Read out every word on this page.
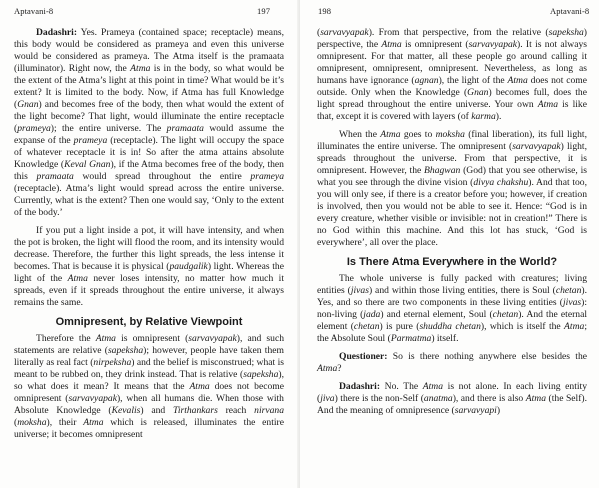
Aptavani-8	197

Dadashri: Yes. Prameya (contained space; receptacle) means, this body would be considered as prameya and even this universe would be considered as prameya. The Atma itself is the pramaata (illuminator). Right now, the Atma is in the body, so what would be the extent of the Atma’s light at this point in time? What would be it’s extent? It is limited to the body. Now, if Atma has full Knowledge (Gnan) and becomes free of the body, then what would the extent of the light become? That light, would illuminate the entire receptacle (prameya); the entire universe. The pramaata would assume the expanse of the prameya (receptacle). The light will occupy the space of whatever receptacle it is in! So after the atma attains absolute Knowledge (Keval Gnan), if the Atma becomes free of the body, then this pramaata would spread throughout the entire prameya (receptacle). Atma’s light would spread across the entire universe. Currently, what is the extent? Then one would say, ‘Only to the extent of the body.’

If you put a light inside a pot, it will have intensity, and when the pot is broken, the light will flood the room, and its intensity would decrease. Therefore, the further this light spreads, the less intense it becomes. That is because it is physical (paudgalik) light. Whereas the light of the Atma never loses intensity, no matter how much it spreads, even if it spreads throughout the entire universe, it always remains the same.

Omnipresent, by Relative Viewpoint

Therefore the Atma is omnipresent (sarvavyapak), and such statements are relative (sapeksha); however, people have taken them literally as real fact (nirpeksha) and the belief is misconstrued; what is meant to be rubbed on, they drink instead. That is relative (sapeksha), so what does it mean? It means that the Atma does not become omnipresent (sarvavyapak), when all humans die. When those with Absolute Knowledge (Kevalis) and Tirthankars reach nirvana (moksha), their Atma which is released, illuminates the entire universe; it becomes omnipresent

198	Aptavani-8

(sarvavyapak). From that perspective, from the relative (sapeksha) perspective, the Atma is omnipresent (sarvavyapak). It is not always omnipresent. For that matter, all these people go around calling it omnipresent, omnipresent, omnipresent. Nevertheless, as long as humans have ignorance (agnan), the light of the Atma does not come outside. Only when the Knowledge (Gnan) becomes full, does the light spread throughout the entire universe. Your own Atma is like that, except it is covered with layers (of karma).

When the Atma goes to moksha (final liberation), its full light, illuminates the entire universe. The omnipresent (sarvavyapak) light, spreads throughout the universe. From that perspective, it is omnipresent. However, the Bhagwan (God) that you see otherwise, is what you see through the divine vision (divya chakshu). And that too, you will only see, if there is a creator before you; however, if creation is involved, then you would not be able to see it. Hence: “God is in every creature, whether visible or invisible: not in creation!” There is no God within this machine. And this lot has stuck, ‘God is everywhere’, all over the place.

Is There Atma Everywhere in the World?

The whole universe is fully packed with creatures; living entities (jivas) and within those living entities, there is Soul (chetan). Yes, and so there are two components in these living entities (jivas): non-living (jada) and eternal element, Soul (chetan). And the eternal element (chetan) is pure (shuddha chetan), which is itself the Atma; the Absolute Soul (Parmatma) itself.

Questioner: So is there nothing anywhere else besides the Atma?

Dadashri: No. The Atma is not alone. In each living entity (jiva) there is the non-Self (anatma), and there is also Atma (the Self). And the meaning of omnipresence (sarvavyapi)
